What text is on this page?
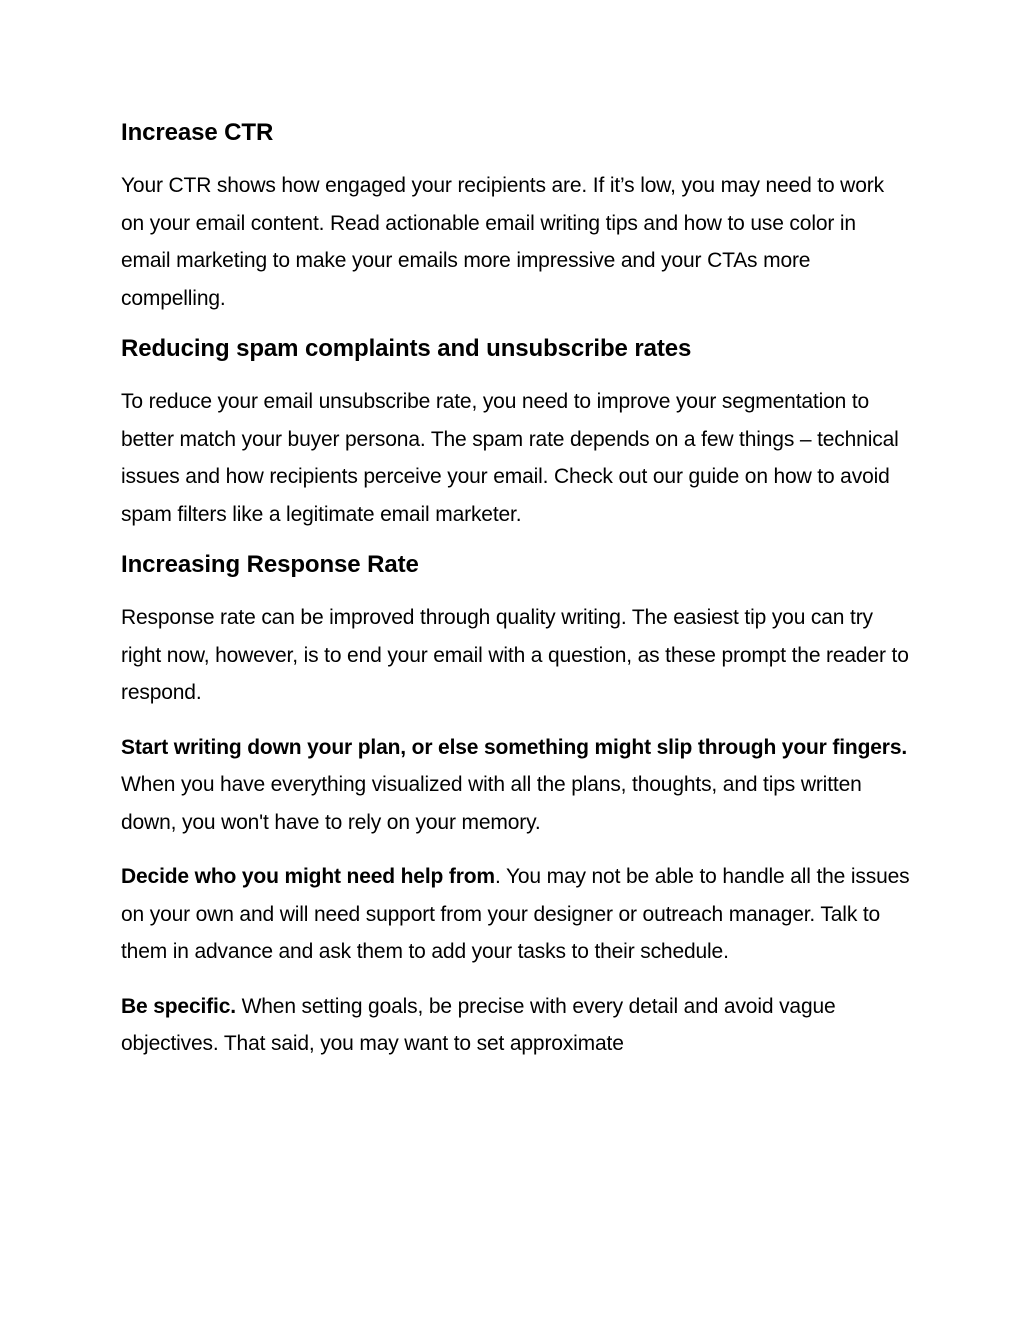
Increase CTR

Your CTR shows how engaged your recipients are. If it’s low, you may need to work on your email content. Read actionable email writing tips and how to use color in email marketing to make your emails more impressive and your CTAs more compelling.

Reducing spam complaints and unsubscribe rates

To reduce your email unsubscribe rate, you need to improve your segmentation to better match your buyer persona. The spam rate depends on a few things – technical issues and how recipients perceive your email. Check out our guide on how to avoid spam filters like a legitimate email marketer.

Increasing Response Rate

Response rate can be improved through quality writing. The easiest tip you can try right now, however, is to end your email with a question, as these prompt the reader to respond.

Start writing down your plan, or else something might slip through your fingers. When you have everything visualized with all the plans, thoughts, and tips written down, you won't have to rely on your memory.

Decide who you might need help from. You may not be able to handle all the issues on your own and will need support from your designer or outreach manager. Talk to them in advance and ask them to add your tasks to their schedule.

Be specific. When setting goals, be precise with every detail and avoid vague objectives. That said, you may want to set approximate
